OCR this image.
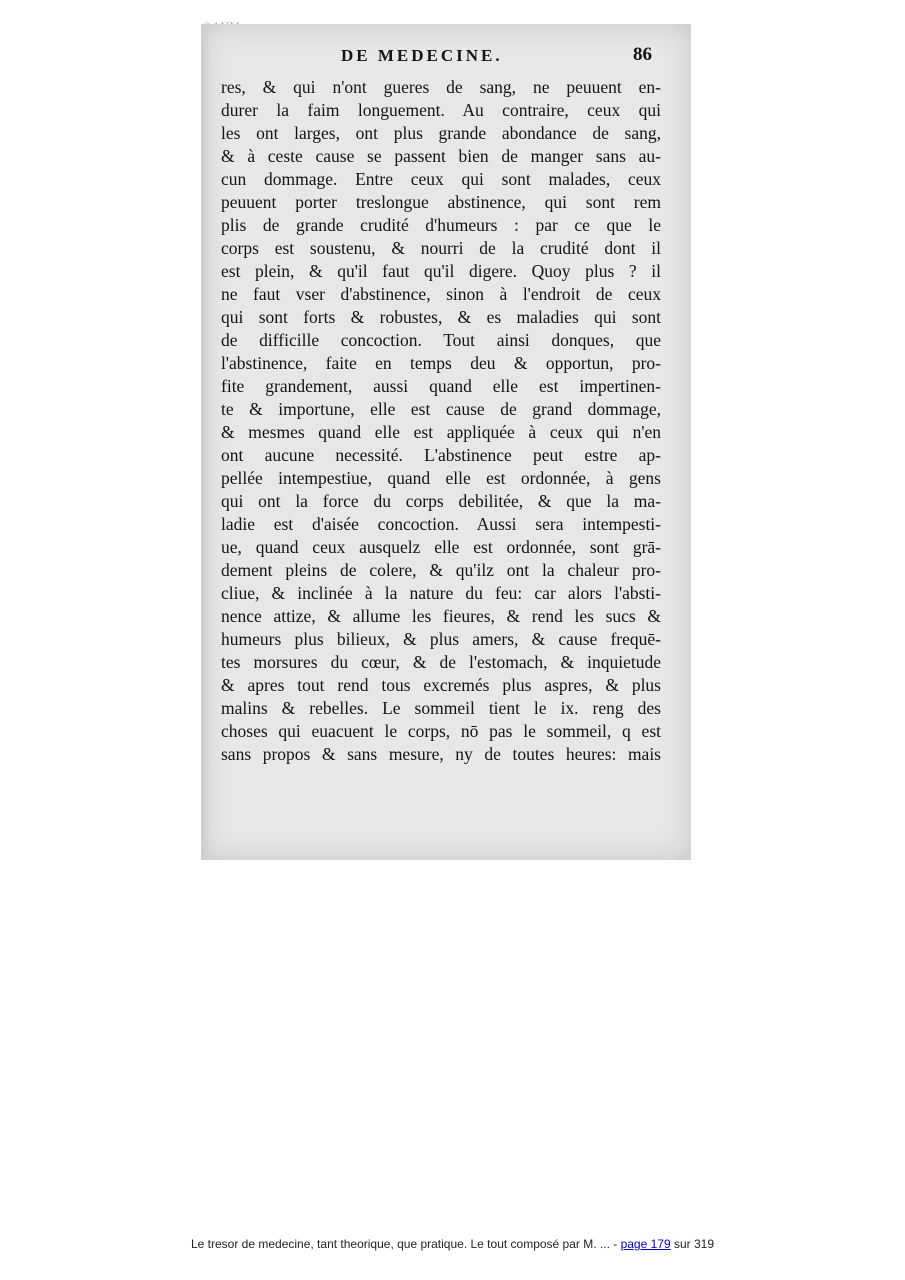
DE MEDECINE.	86
res, & qui n'ont gueres de sang, ne peuuent en-
durer la faim longuement. Au contraire, ceux qui
les ont larges, ont plus grande abondance de sang,
& à ceste cause se passent bien de manger sans au-
cun dommage. Entre ceux qui sont malades, ceux
peuuent porter treslongue abstinence, qui sont rem
plis de grande crudité d'humeurs : par ce que le
corps est soustenu, & nourri de la crudité dont il
est plein, & qu'il faut qu'il digere. Quoy plus ? il
ne faut vser d'abstinence, sinon à l'endroit de ceux
qui sont forts & robustes, & es maladies qui sont
de difficille concoction. Tout ainsi donques, que
l'abstinence, faite en temps deu & opportun, pro-
fite grandement, aussi quand elle est impertinen-
te & importune, elle est cause de grand dommage,
& mesmes quand elle est appliquée à ceux qui n'en
ont aucune necessité. L'abstinence peut estre ap-
pellée intempestiue, quand elle est ordonnée, à gens
qui ont la force du corps debilitée, & que la ma-
ladie est d'aisée concoction. Aussi sera intempesti-
ue, quand ceux ausquelz elle est ordonnée, sont grā-
dement pleins de colere, & qu'ilz ont la chaleur pro-
cliue, & inclinée à la nature du feu: car alors l'absti-
nence attize, & allume les fieures, & rend les sucs &
humeurs plus bilieux, & plus amers, & cause frequē-
tes morsures du cœur, & de l'estomach, & inquietude
& apres tout rend tous excremés plus aspres, & plus
malins & rebelles. Le sommeil tient le ix. reng des
choses qui euacuent le corps, nō pas le sommeil, q est
sans propos & sans mesure, ny de toutes heures: mais
Le tresor de medecine, tant theorique, que pratique. Le tout composé par M. ... - page 179 sur 319
